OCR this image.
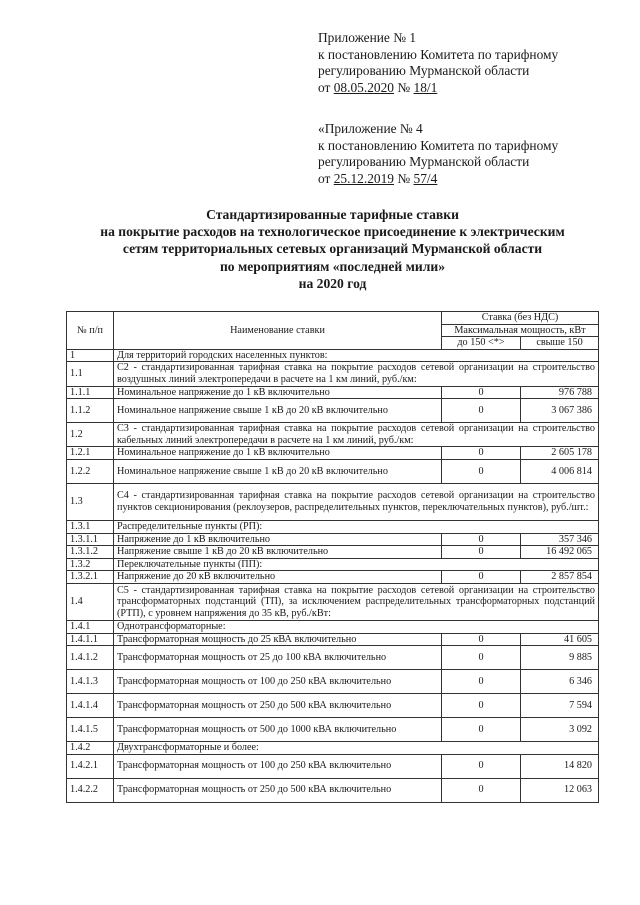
Приложение № 1
к постановлению Комитета по тарифному
регулированию Мурманской области
от 08.05.2020 № 18/1
«Приложение № 4
к постановлению Комитета по тарифному
регулированию Мурманской области
от 25.12.2019 № 57/4
Стандартизированные тарифные ставки
на покрытие расходов на технологическое присоединение к электрическим
сетям территориальных сетевых организаций Мурманской области
по мероприятиям «последней мили»
на 2020 год
№ п/п	Наименование ставки	Ставка (без НДС)	
		Максимальная мощность, кВт	
		до 150 <*>	свыше 150
1	Для территорий городских населенных пунктов:		
1.1	С2 - стандартизированная тарифная ставка на покрытие расходов сетевой организации на строительство воздушных линий электропередачи в расчете на 1 км линий, руб./км:		
1.1.1	Номинальное напряжение до 1 кВ включительно	0	976 788
1.1.2	Номинальное напряжение свыше 1 кВ до 20 кВ включительно	0	3 067 386
1.2	С3 - стандартизированная тарифная ставка на покрытие расходов сетевой организации на строительство кабельных линий электропередачи в расчете на 1 км линий, руб./км:		
1.2.1	Номинальное напряжение до 1 кВ включительно	0	2 605 178
1.2.2	Номинальное напряжение свыше 1 кВ до 20 кВ включительно	0	4 006 814
1.3	С4 - стандартизированная тарифная ставка на покрытие расходов сетевой организации на строительство пунктов секционирования (реклоузеров, распределительных пунктов, переключательных пунктов), руб./шт.:		
1.3.1	Распределительные пункты (РП):		
1.3.1.1	Напряжение до 1 кВ включительно	0	357 346
1.3.1.2	Напряжение свыше 1 кВ до 20 кВ включительно	0	16 492 065
1.3.2	Переключательные пункты (ПП):		
1.3.2.1	Напряжение до 20 кВ включительно	0	2 857 854
1.4	С5 - стандартизированная тарифная ставка на покрытие расходов сетевой организации на строительство трансформаторных подстанций (ТП), за исключением распределительных трансформаторных подстанций (РТП), с уровнем напряжения до 35 кВ, руб./кВт:		
1.4.1	Однотрансформаторные:		
1.4.1.1	Трансформаторная мощность до 25 кВА включительно	0	41 605
1.4.1.2	Трансформаторная мощность от 25 до 100 кВА включительно	0	9 885
1.4.1.3	Трансформаторная мощность от 100 до 250 кВА включительно	0	6 346
1.4.1.4	Трансформаторная мощность от 250 до 500 кВА включительно	0	7 594
1.4.1.5	Трансформаторная мощность от 500 до 1000 кВА включительно	0	3 092
1.4.2	Двухтрансформаторные и более:		
1.4.2.1	Трансформаторная мощность от 100 до 250 кВА включительно	0	14 820
1.4.2.2	Трансформаторная мощность от 250 до 500 кВА включительно	0	12 063
